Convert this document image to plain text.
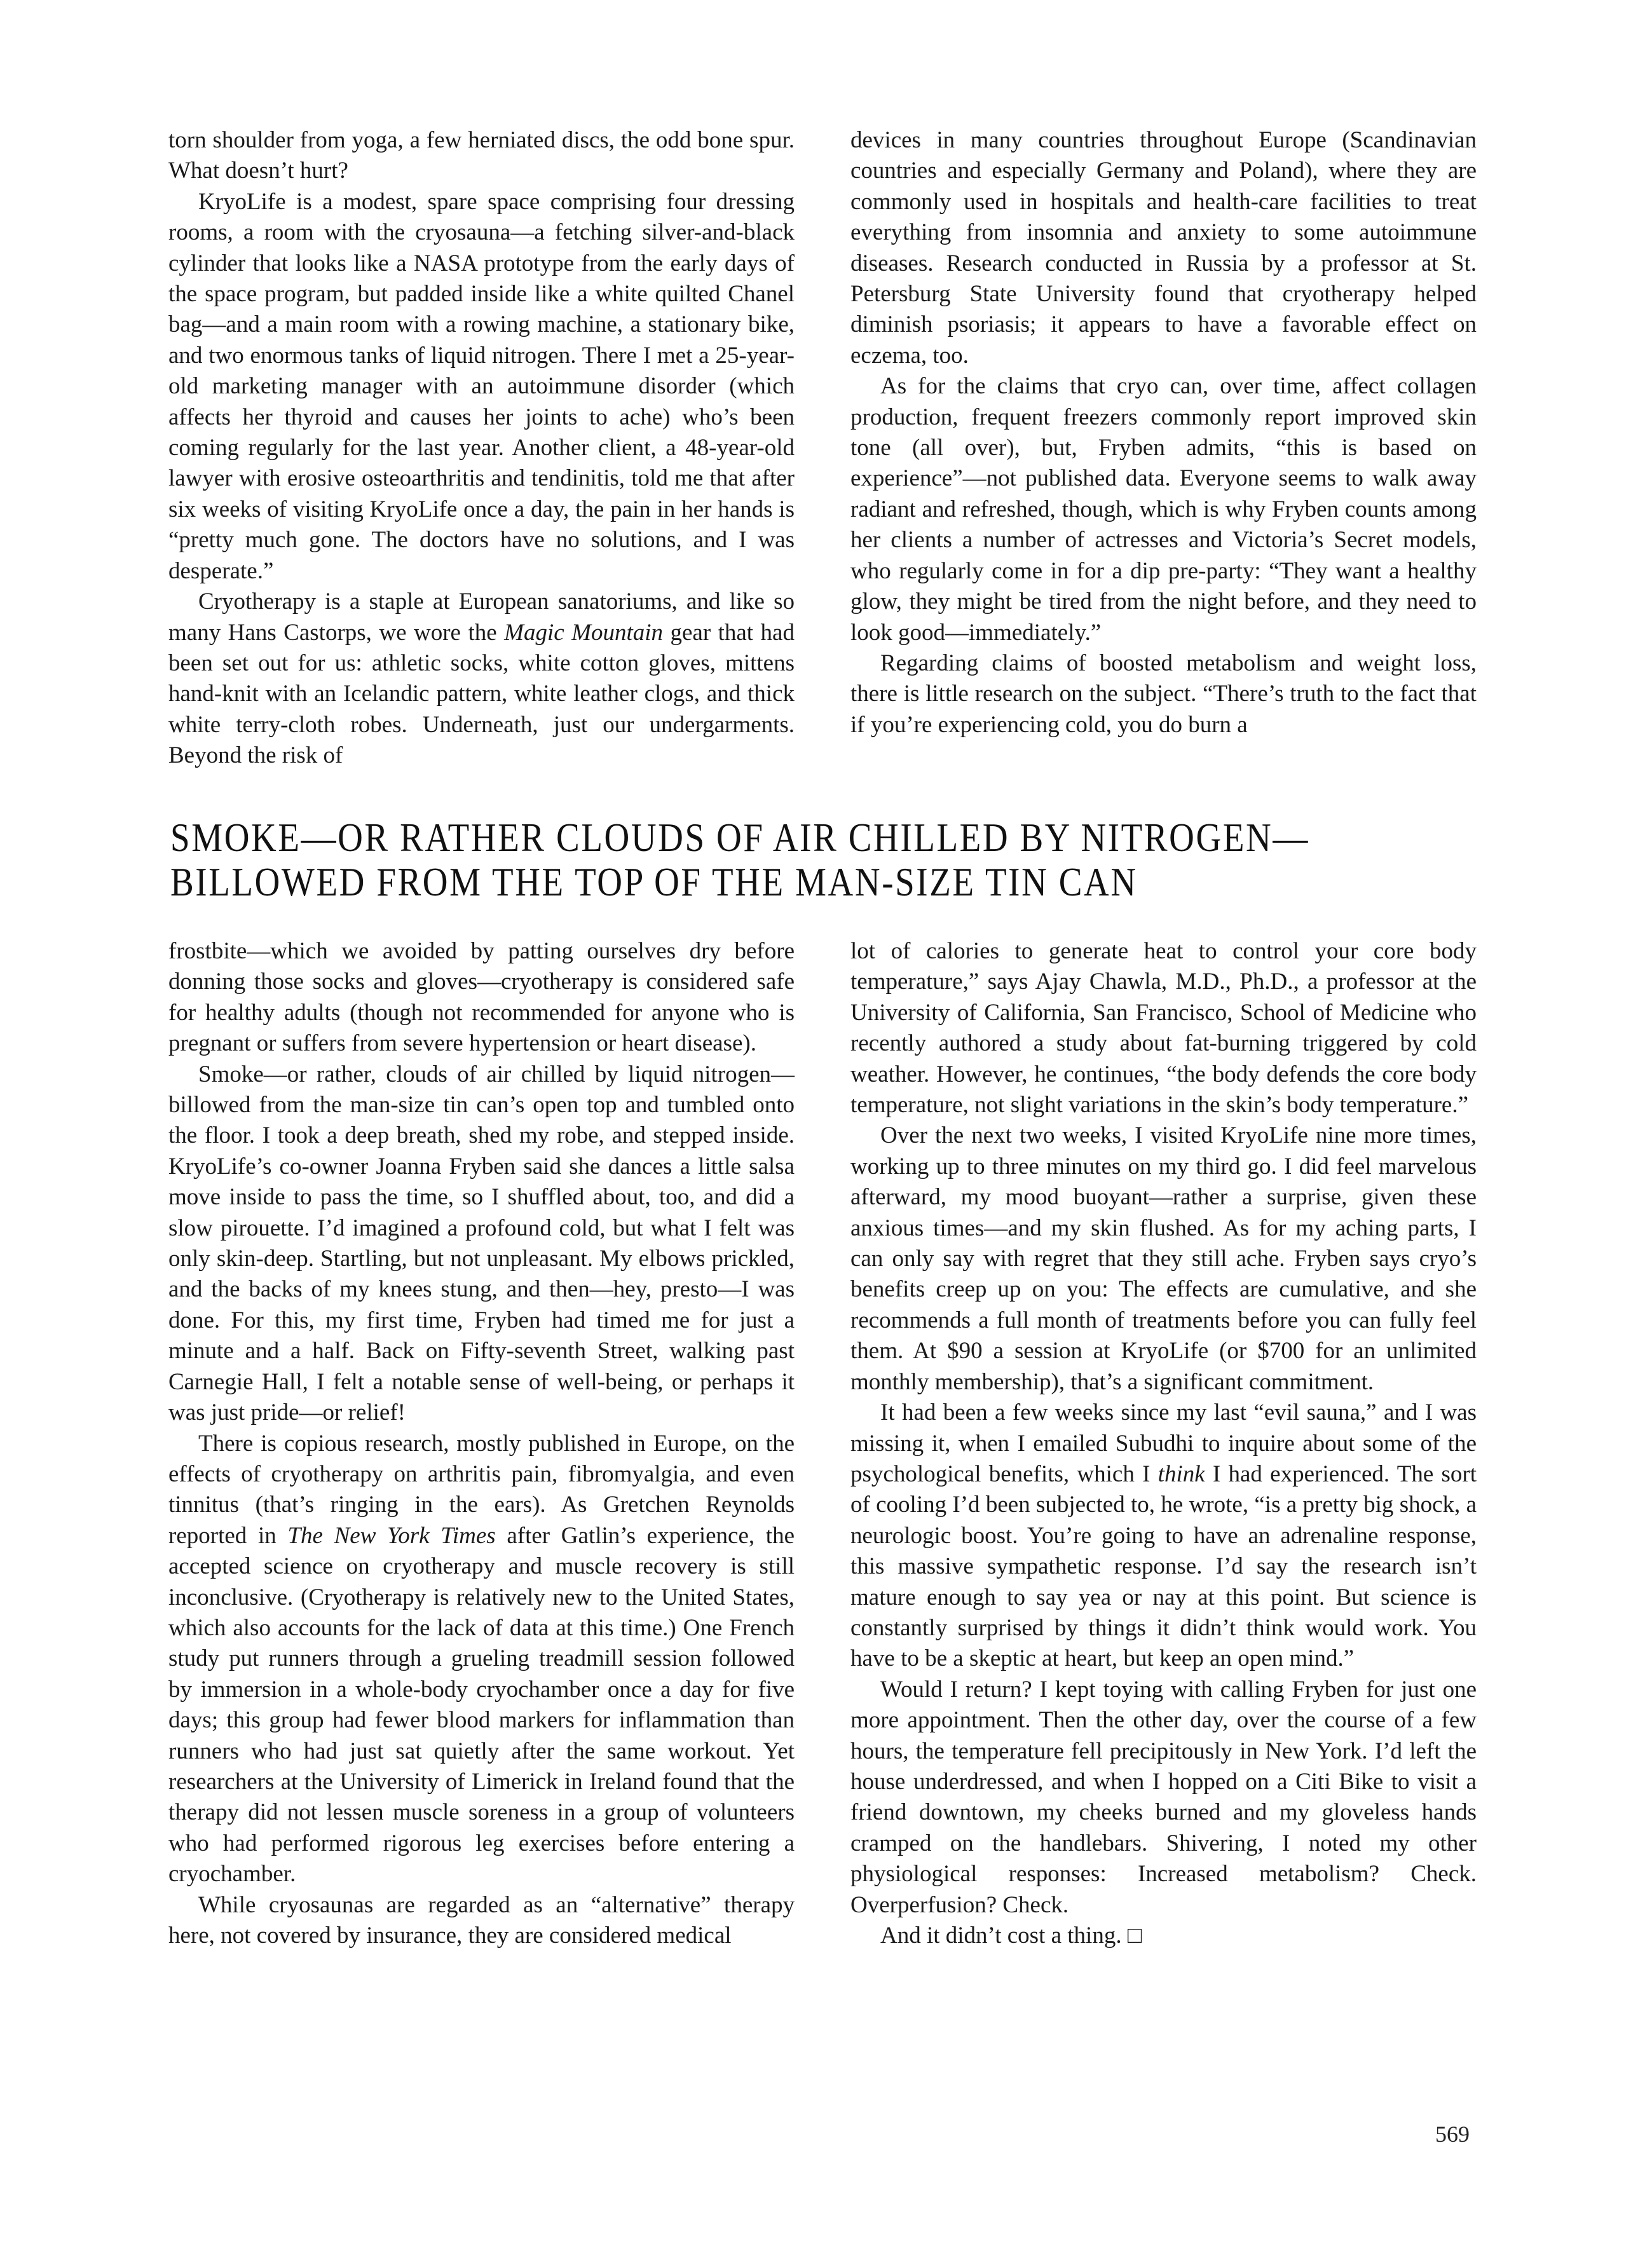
torn shoulder from yoga, a few herniated discs, the odd bone spur. What doesn’t hurt?

KryoLife is a modest, spare space comprising four dressing rooms, a room with the cryosauna—a fetching silver-and-black cylinder that looks like a NASA prototype from the early days of the space program, but padded inside like a white quilted Chanel bag—and a main room with a rowing machine, a stationary bike, and two enormous tanks of liquid nitrogen. There I met a 25-year-old marketing manager with an autoimmune disorder (which affects her thyroid and causes her joints to ache) who’s been coming regularly for the last year. Another client, a 48-year-old lawyer with erosive osteoarthritis and tendinitis, told me that after six weeks of visiting KryoLife once a day, the pain in her hands is “pretty much gone. The doctors have no solutions, and I was desperate.”

Cryotherapy is a staple at European sanatoriums, and like so many Hans Castorps, we wore the Magic Mountain gear that had been set out for us: athletic socks, white cotton gloves, mittens hand-knit with an Icelandic pattern, white leather clogs, and thick white terry-cloth robes. Underneath, just our undergarments. Beyond the risk of

devices in many countries throughout Europe (Scandinavian countries and especially Germany and Poland), where they are commonly used in hospitals and health-care facilities to treat everything from insomnia and anxiety to some autoimmune diseases. Research conducted in Russia by a professor at St. Petersburg State University found that cryotherapy helped diminish psoriasis; it appears to have a favorable effect on eczema, too.

As for the claims that cryo can, over time, affect collagen production, frequent freezers commonly report improved skin tone (all over), but, Fryben admits, “this is based on experience”—not published data. Everyone seems to walk away radiant and refreshed, though, which is why Fryben counts among her clients a number of actresses and Victoria’s Secret models, who regularly come in for a dip pre-party: “They want a healthy glow, they might be tired from the night before, and they need to look good—immediately.”

Regarding claims of boosted metabolism and weight loss, there is little research on the subject. “There’s truth to the fact that if you’re experiencing cold, you do burn a

SMOKE—OR RATHER CLOUDS OF AIR CHILLED BY NITROGEN—
BILLOWED FROM THE TOP OF THE MAN-SIZE TIN CAN

frostbite—which we avoided by patting ourselves dry before donning those socks and gloves—cryotherapy is considered safe for healthy adults (though not recommended for anyone who is pregnant or suffers from severe hypertension or heart disease).

Smoke—or rather, clouds of air chilled by liquid nitrogen—billowed from the man-size tin can’s open top and tumbled onto the floor. I took a deep breath, shed my robe, and stepped inside. KryoLife’s co-owner Joanna Fryben said she dances a little salsa move inside to pass the time, so I shuffled about, too, and did a slow pirouette. I’d imagined a profound cold, but what I felt was only skin-deep. Startling, but not unpleasant. My elbows prickled, and the backs of my knees stung, and then—hey, presto—I was done. For this, my first time, Fryben had timed me for just a minute and a half. Back on Fifty-seventh Street, walking past Carnegie Hall, I felt a notable sense of well-being, or perhaps it was just pride—or relief!

There is copious research, mostly published in Europe, on the effects of cryotherapy on arthritis pain, fibromyalgia, and even tinnitus (that’s ringing in the ears). As Gretchen Reynolds reported in The New York Times after Gatlin’s experience, the accepted science on cryotherapy and muscle recovery is still inconclusive. (Cryotherapy is relatively new to the United States, which also accounts for the lack of data at this time.) One French study put runners through a grueling treadmill session followed by immersion in a whole-body cryochamber once a day for five days; this group had fewer blood markers for inflammation than runners who had just sat quietly after the same workout. Yet researchers at the University of Limerick in Ireland found that the therapy did not lessen muscle soreness in a group of volunteers who had performed rigorous leg exercises before entering a cryochamber.

While cryosaunas are regarded as an “alternative” therapy here, not covered by insurance, they are considered medical

lot of calories to generate heat to control your core body temperature,” says Ajay Chawla, M.D., Ph.D., a professor at the University of California, San Francisco, School of Medicine who recently authored a study about fat-burning triggered by cold weather. However, he continues, “the body defends the core body temperature, not slight variations in the skin’s body temperature.”

Over the next two weeks, I visited KryoLife nine more times, working up to three minutes on my third go. I did feel marvelous afterward, my mood buoyant—rather a surprise, given these anxious times—and my skin flushed. As for my aching parts, I can only say with regret that they still ache. Fryben says cryo’s benefits creep up on you: The effects are cumulative, and she recommends a full month of treatments before you can fully feel them. At $90 a session at KryoLife (or $700 for an unlimited monthly membership), that’s a significant commitment.

It had been a few weeks since my last “evil sauna,” and I was missing it, when I emailed Subudhi to inquire about some of the psychological benefits, which I think I had experienced. The sort of cooling I’d been subjected to, he wrote, “is a pretty big shock, a neurologic boost. You’re going to have an adrenaline response, this massive sympathetic response. I’d say the research isn’t mature enough to say yea or nay at this point. But science is constantly surprised by things it didn’t think would work. You have to be a skeptic at heart, but keep an open mind.”

Would I return? I kept toying with calling Fryben for just one more appointment. Then the other day, over the course of a few hours, the temperature fell precipitously in New York. I’d left the house underdressed, and when I hopped on a Citi Bike to visit a friend downtown, my cheeks burned and my gloveless hands cramped on the handlebars. Shivering, I noted my other physiological responses: Increased metabolism? Check. Overperfusion? Check.

And it didn’t cost a thing. □

569
